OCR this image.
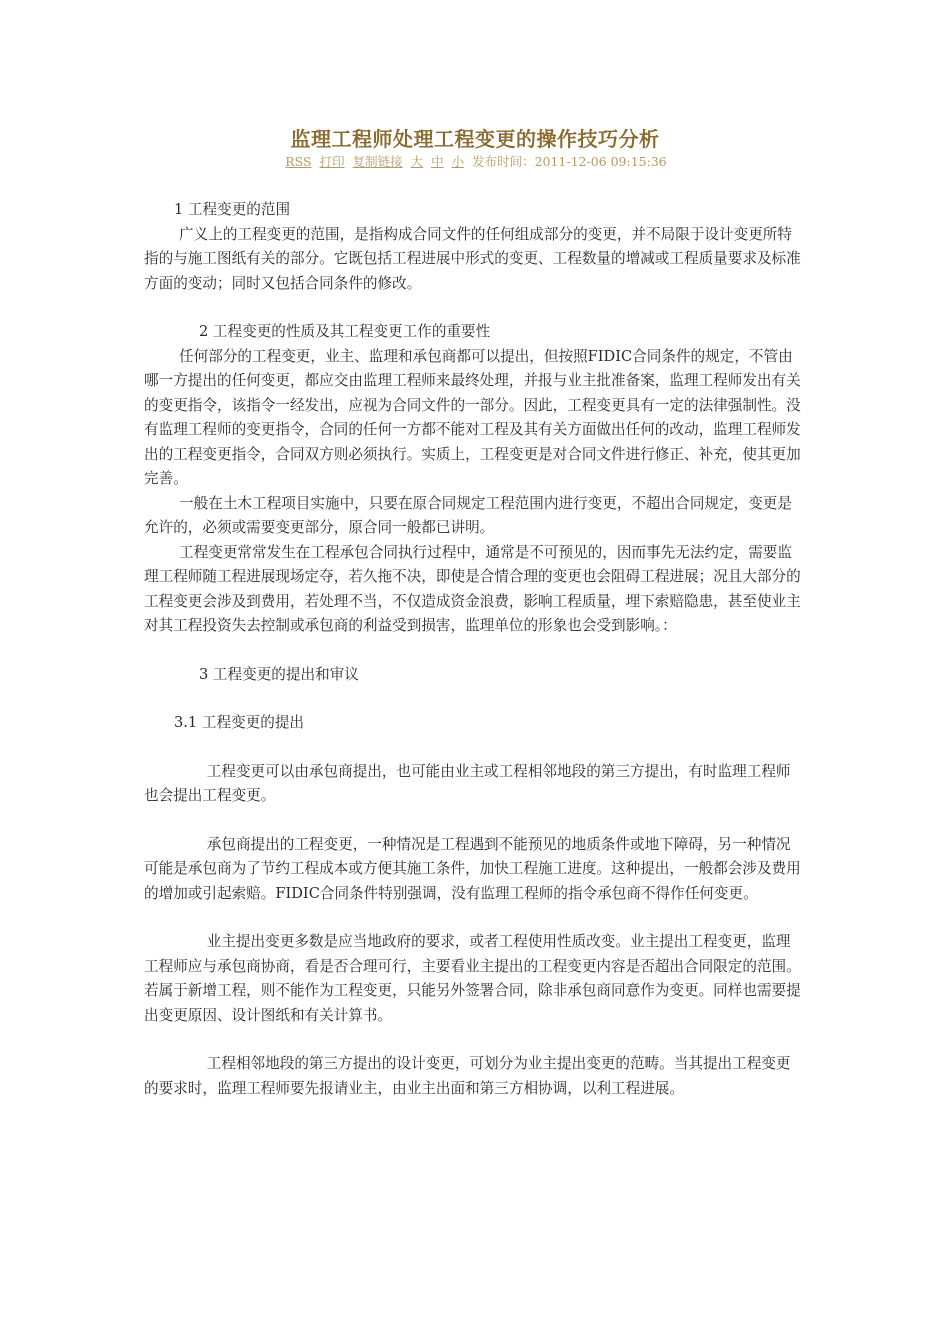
监理工程师处理工程变更的操作技巧分析
RSS 打印 复制链接 大 中 小 发布时间：2011-12-06 09:15:36

1 工程变更的范围

广义上的工程变更的范围，是指构成合同文件的任何组成部分的变更，并不局限于设计变更所特指的与施工图纸有关的部分。它既包括工程进展中形式的变更、工程数量的增减或工程质量要求及标准方面的变动；同时又包括合同条件的修改。

2 工程变更的性质及其工程变更工作的重要性

任何部分的工程变更，业主、监理和承包商都可以提出，但按照FIDIC合同条件的规定，不管由哪一方提出的任何变更，都应交由监理工程师来最终处理，并报与业主批准备案，监理工程师发出有关的变更指令，该指令一经发出，应视为合同文件的一部分。因此，工程变更具有一定的法律强制性。没有监理工程师的变更指令，合同的任何一方都不能对工程及其有关方面做出任何的改动，监理工程师发出的工程变更指令，合同双方则必须执行。实质上，工程变更是对合同文件进行修正、补充，使其更加完善。

一般在土木工程项目实施中，只要在原合同规定工程范围内进行变更，不超出合同规定，变更是允许的，必须或需要变更部分，原合同一般都已讲明。

工程变更常常发生在工程承包合同执行过程中，通常是不可预见的，因而事先无法约定，需要监理工程师随工程进展现场定夺，若久拖不决，即使是合情合理的变更也会阻碍工程进展；况且大部分的工程变更会涉及到费用，若处理不当，不仅造成资金浪费，影响工程质量，埋下索赔隐患，甚至使业主对其工程投资失去控制或承包商的利益受到损害，监理单位的形象也会受到影响。：

3 工程变更的提出和审议

3.1 工程变更的提出

工程变更可以由承包商提出，也可能由业主或工程相邻地段的第三方提出，有时监理工程师也会提出工程变更。

承包商提出的工程变更，一种情况是工程遇到不能预见的地质条件或地下障碍，另一种情况可能是承包商为了节约工程成本或方便其施工条件，加快工程施工进度。这种提出，一般都会涉及费用的增加或引起索赔。FIDIC合同条件特别强调，没有监理工程师的指令承包商不得作任何变更。

业主提出变更多数是应当地政府的要求，或者工程使用性质改变。业主提出工程变更，监理工程师应与承包商协商，看是否合理可行，主要看业主提出的工程变更内容是否超出合同限定的范围。若属于新增工程，则不能作为工程变更，只能另外签署合同，除非承包商同意作为变更。同样也需要提出变更原因、设计图纸和有关计算书。

工程相邻地段的第三方提出的设计变更，可划分为业主提出变更的范畴。当其提出工程变更的要求时，监理工程师要先报请业主，由业主出面和第三方相协调，以利工程进展。
